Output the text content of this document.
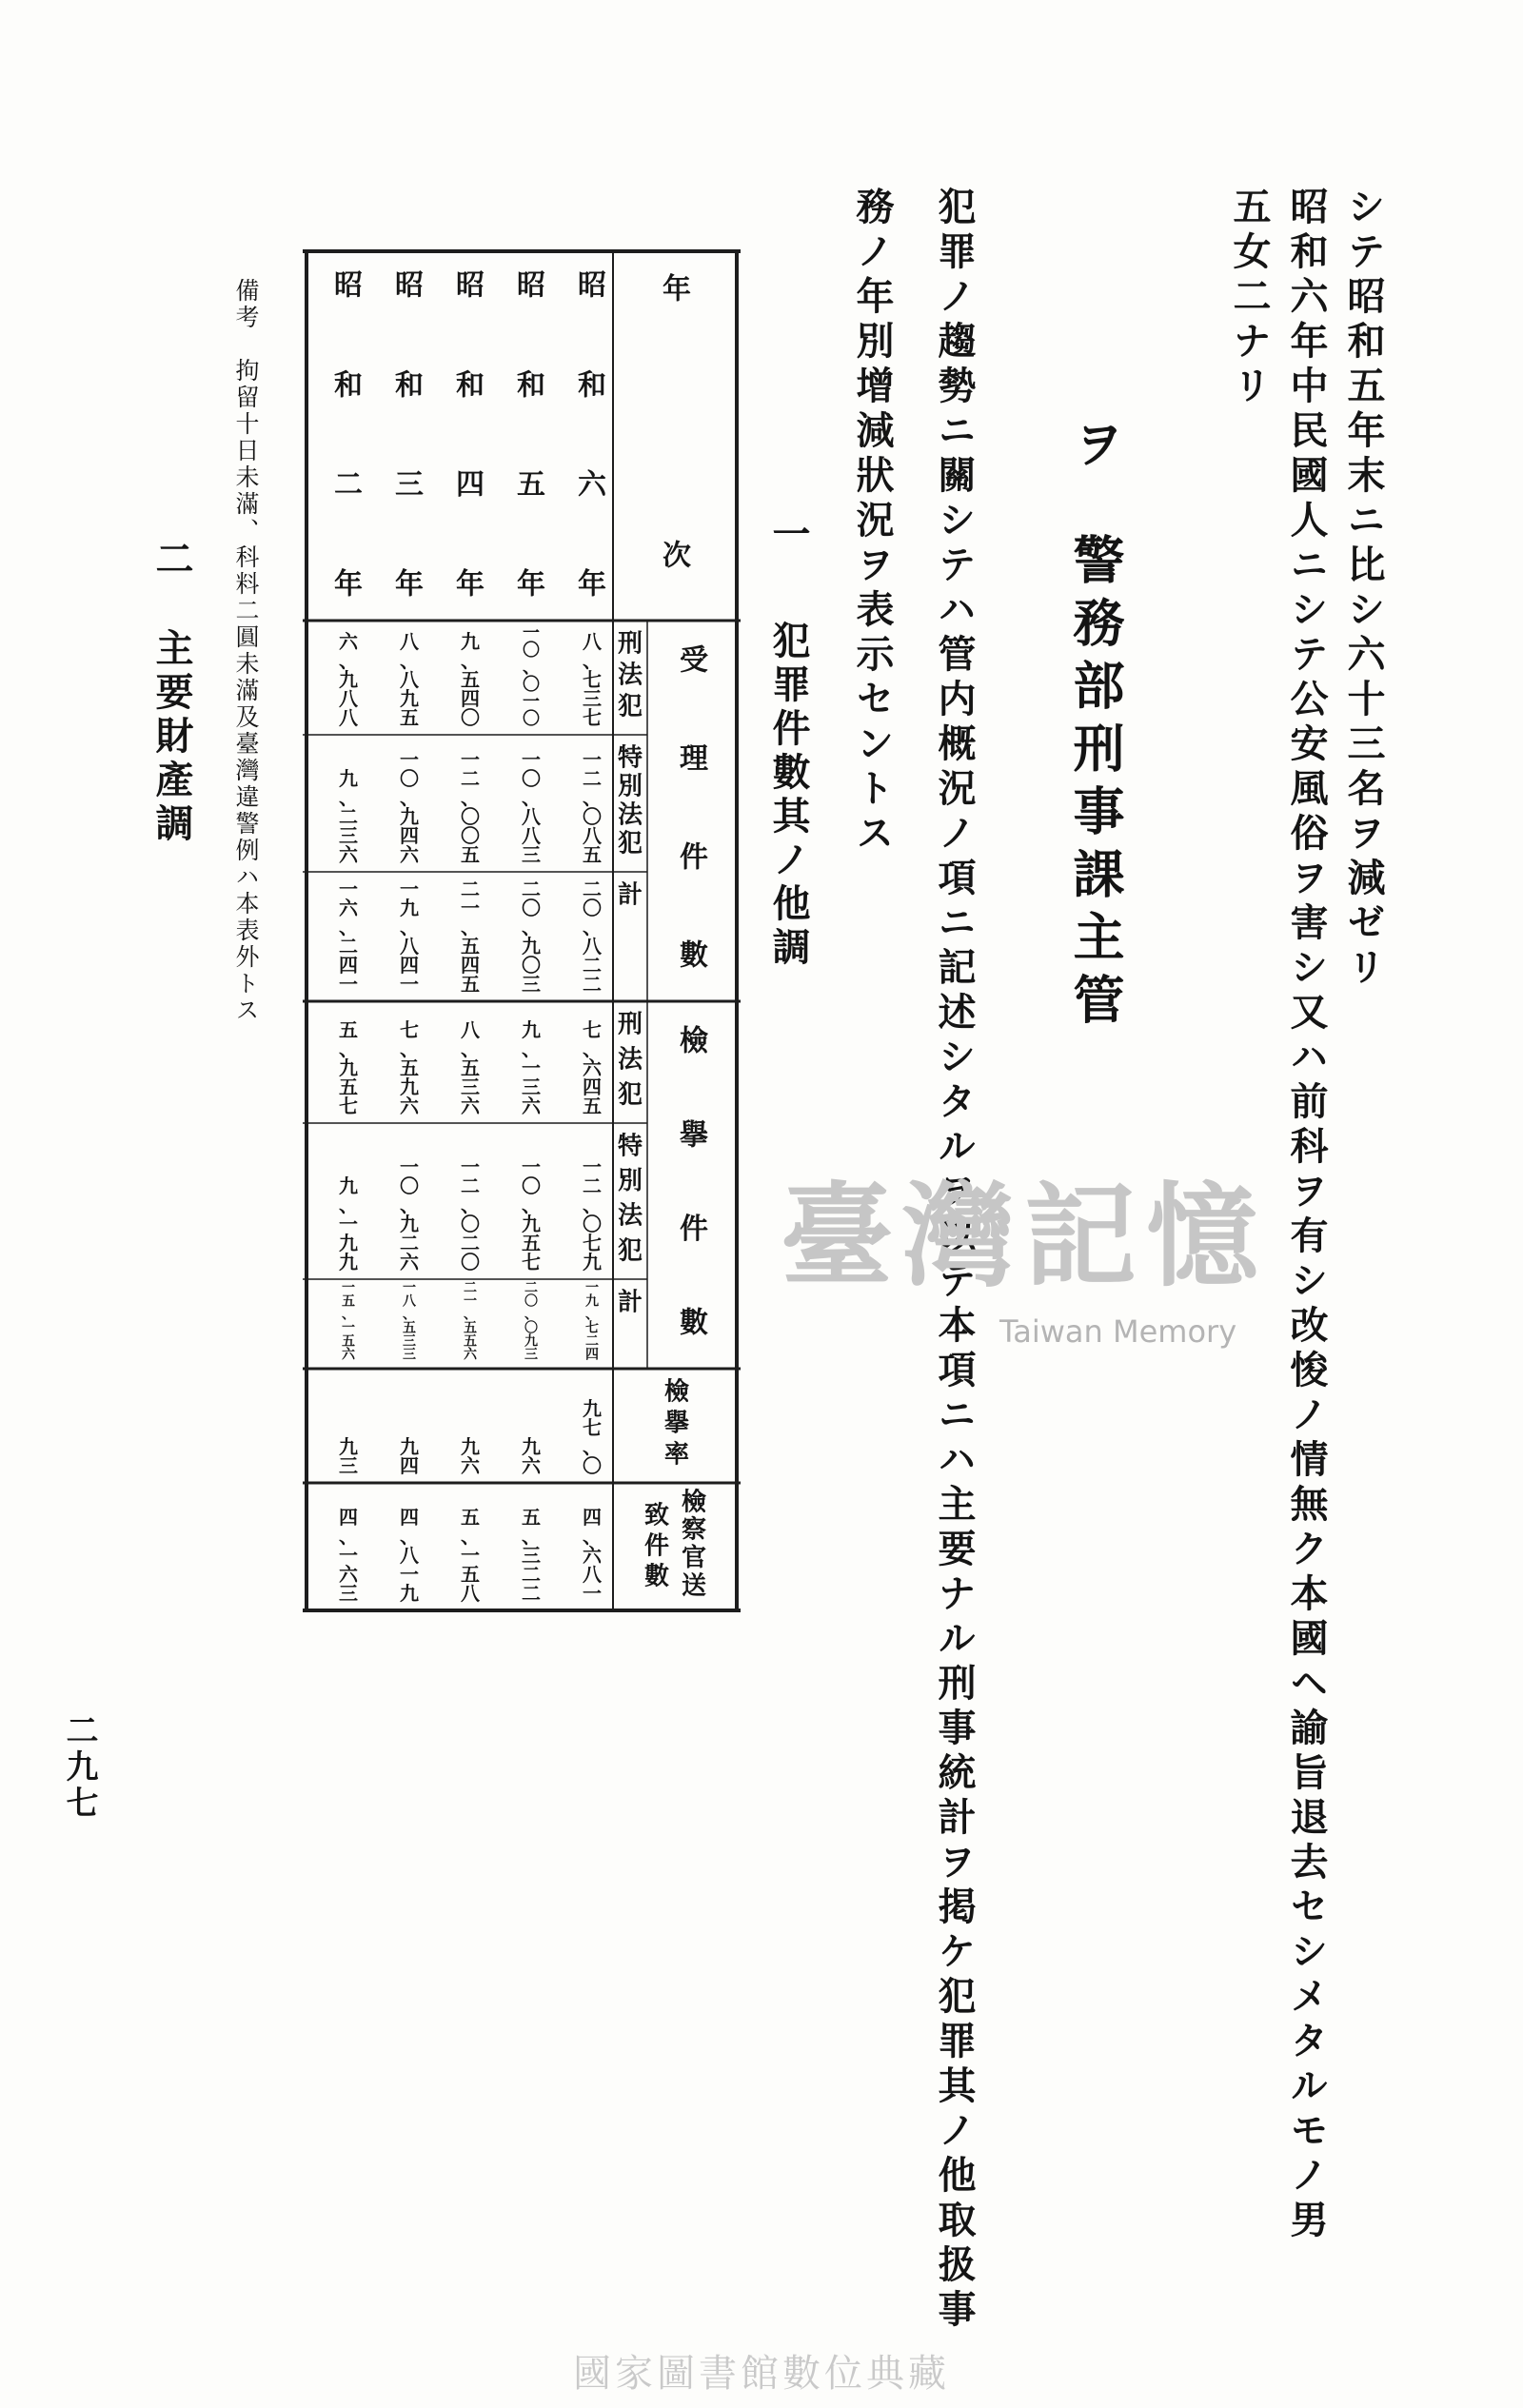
シテ昭和五年末ニ比シ六十三名ヲ減ゼリ
昭和六年中民國人ニシテ公安風俗ヲ害シ又ハ前科ヲ有シ改悛ノ情無ク本國ヘ諭旨退去セシメタルモノ男
五女二ナリ
ヲ
警務部刑事課主管
犯罪ノ趨勢ニ關シテハ管内概況ノ項ニ記述シタルヲ以テ本項ニハ主要ナル刑事統計ヲ掲ケ犯罪其ノ他取扱事
務ノ年別增減狀況ヲ表示セントス
一
犯罪件數其ノ他調
年
次
受
理
件
數
刑
法
犯
特
別
法
犯
計
檢
擧
件
數
刑
法
犯
特
別
法
犯
計
檢
擧
率
檢
察
官
送
致
件
數
昭
和
六
年
八
、
七
三
七
一
二
、
〇
八
五
二
〇
、
八
二
二
七
、
六
四
五
一
二
、
〇
七
九
一
九
、
七
二
四
九
七
、
〇
四
、
六
八
一
昭
和
五
年
一
〇
、
〇
一
〇
一
〇
、
八
八
三
二
〇
、
九
〇
三
九
、
一
三
六
一
〇
、
九
五
七
二
〇
、
〇
九
三
九
六
五
、
三
二
二
昭
和
四
年
九
、
五
四
〇
一
二
、
〇
〇
五
二
一
、
五
四
五
八
、
五
三
六
一
二
、
〇
二
〇
二
一
、
五
五
六
九
六
五
、
一
五
八
昭
和
三
年
八
、
八
九
五
一
〇
、
九
四
六
一
九
、
八
四
一
七
、
五
九
六
一
〇
、
九
二
六
一
八
、
五
三
三
九
四
四
、
八
一
九
昭
和
二
年
六
、
九
八
八
九
、
二
三
六
一
六
、
二
四
一
五
、
九
五
七
九
、
一
九
九
一
五
、
一
五
六
九
三
四
、
一
六
三
備考　拘留十日未滿、科料二圓未滿及臺灣違警例ハ本表外トス
二
主要財產調
二九七
臺灣記憶
Taiwan Memory
國家圖書館數位典藏
